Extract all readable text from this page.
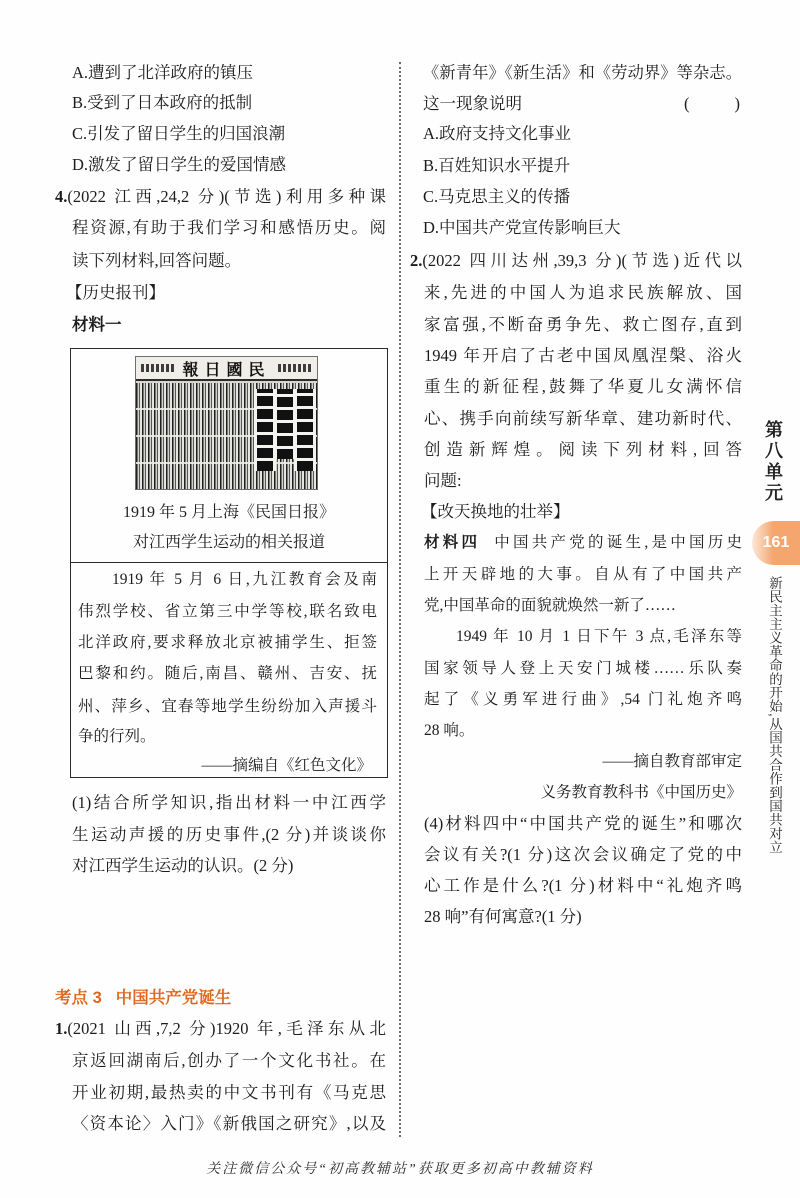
A.遭到了北洋政府的镇压
B.受到了日本政府的抵制
C.引发了留日学生的归国浪潮
D.激发了留日学生的爱国情感
4.(2022 江西,24,2 分)(节选)利用多种课
程资源,有助于我们学习和感悟历史。阅
读下列材料,回答问题。
【历史报刊】
材料一
報日國民
1919 年 5 月上海《民国日报》
对江西学生运动的相关报道
1919 年 5 月 6 日,九江教育会及南
伟烈学校、省立第三中学等校,联名致电
北洋政府,要求释放北京被捕学生、拒签
巴黎和约。随后,南昌、赣州、吉安、抚
州、萍乡、宜春等地学生纷纷加入声援斗
争的行列。
——摘编自《红色文化》
(1)结合所学知识,指出材料一中江西学
生运动声援的历史事件,(2 分)并谈谈你
对江西学生运动的认识。(2 分)
考点 3 中国共产党诞生
1.(2021 山西,7,2 分)1920 年,毛泽东从北
京返回湖南后,创办了一个文化书社。在
开业初期,最热卖的中文书刊有《马克思
〈资本论〉入门》《新俄国之研究》,以及
《新青年》《新生活》和《劳动界》等杂志。
这一现象说明	( )
A.政府支持文化事业
B.百姓知识水平提升
C.马克思主义的传播
D.中国共产党宣传影响巨大
2.(2022 四川达州,39,3 分)(节选)近代以
来,先进的中国人为追求民族解放、国
家富强,不断奋勇争先、救亡图存,直到
1949 年开启了古老中国凤凰涅槃、浴火
重生的新征程,鼓舞了华夏儿女满怀信
心、携手向前续写新华章、建功新时代、
创造新辉煌。阅读下列材料,回答
问题:
【改天换地的壮举】
材料四 中国共产党的诞生,是中国历史
上开天辟地的大事。自从有了中国共产
党,中国革命的面貌就焕然一新了……
1949 年 10 月 1 日下午 3 点,毛泽东等
国家领导人登上天安门城楼……乐队奏
起了《义勇军进行曲》,54 门礼炮齐鸣
28 响。
——摘自教育部审定
义务教育教科书《中国历史》
(4)材料四中“中国共产党的诞生”和哪次
会议有关?(1 分)这次会议确定了党的中
心工作是什么?(1 分)材料中“礼炮齐鸣
28 响”有何寓意?(1 分)
第八单元
161
新民主主义革命的开始,从国共合作到国共对立
关注微信公众号“初高教辅站”获取更多初高中教辅资料
